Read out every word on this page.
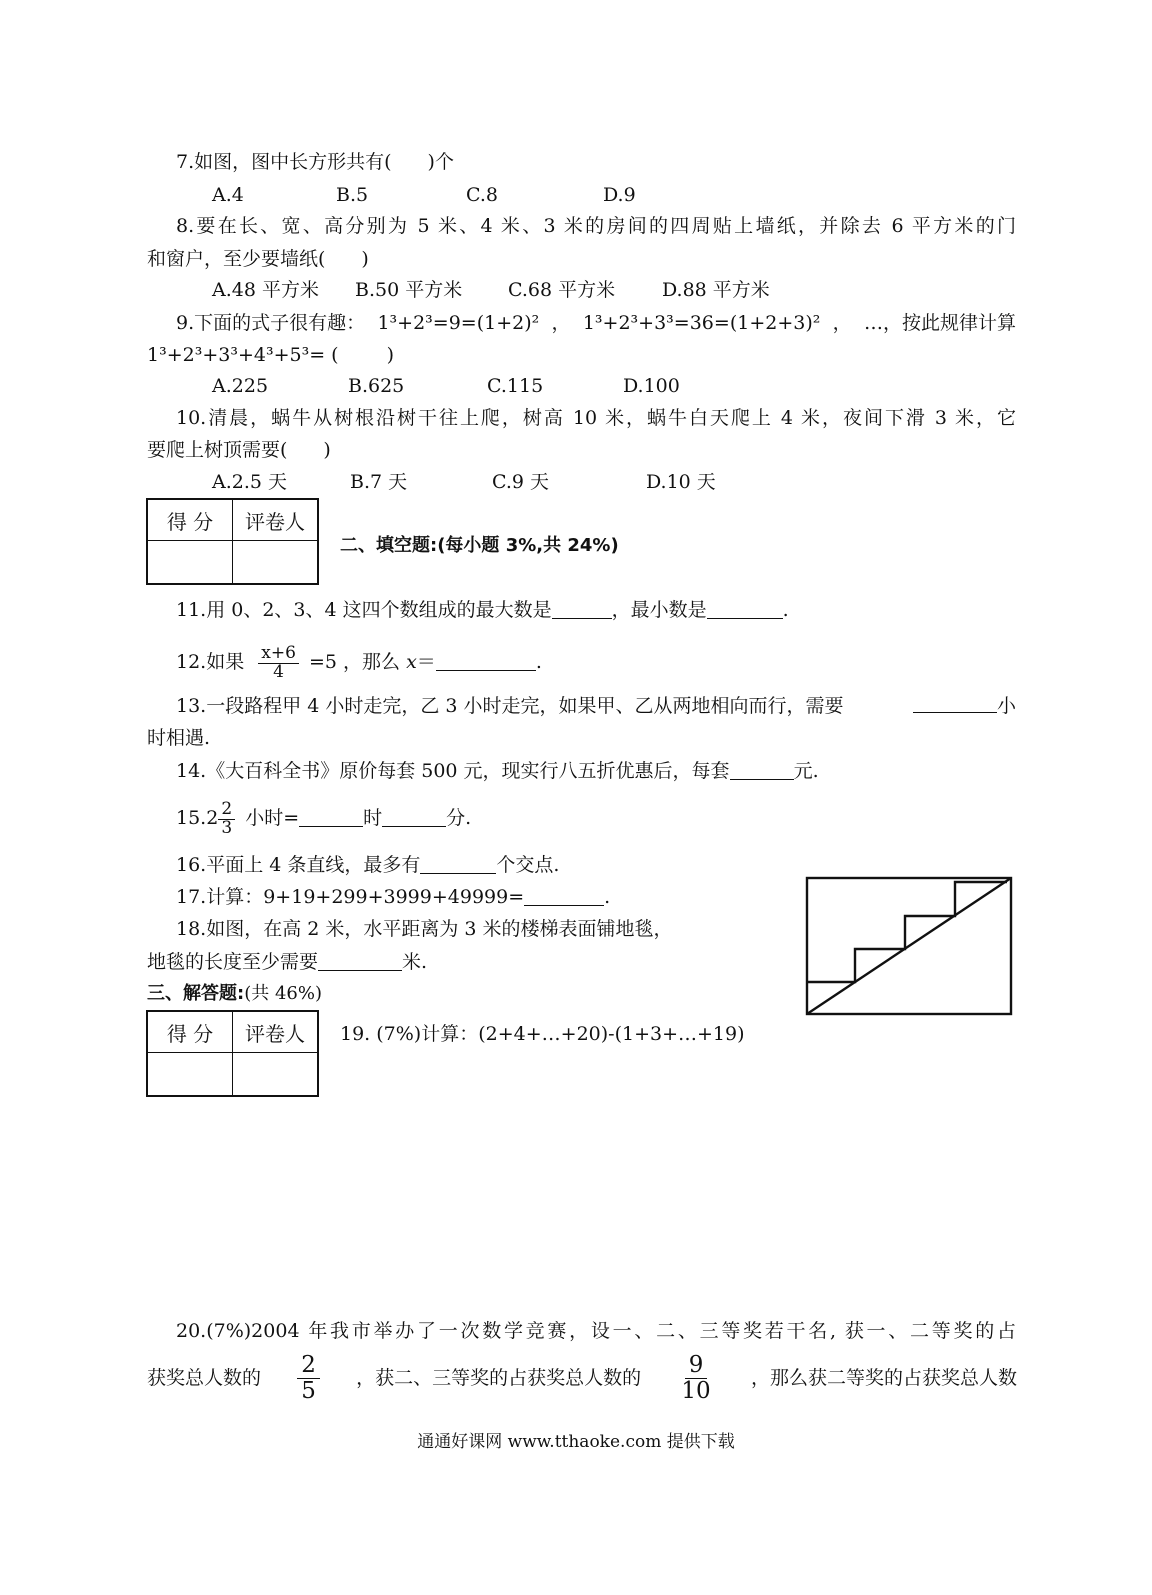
7.如图，图中长方形共有( )个
A.4	B.5	C.8	D.9
8.要在长、宽、高分别为 5 米、4 米、3 米的房间的四周贴上墙纸，并除去 6 平方米的门
和窗户，至少要墙纸( )
A.48 平方米 B.50 平方米 C.68 平方米 D.88 平方米
9.下面的式子很有趣： 1³+2³=9=(1+2)² ， 1³+2³+3³=36=(1+2+3)² ， …，按此规律计算
1³+2³+3³+4³+5³= (	)
A.225	B.625	C.115	D.100
10.清晨，蜗牛从树根沿树干往上爬，树高 10 米，蜗牛白天爬上 4 米，夜间下滑 3 米，它
要爬上树顶需要( )
A.2.5 天	B.7 天	C.9 天	D.10 天
得 分	评卷人

二、填空题:(每小题 3%,共 24%)
11.用 0、2、3、4 这四个数组成的最大数是	，最小数是	.
12.如果 $\frac{x+6}{4} =5$ ，那么 x＝	.
13.一段路程甲 4 小时走完，乙 3 小时走完，如果甲、乙从两地相向而行，需要	小
时相遇.
14.《大百科全书》原价每套 500 元，现实行八五折优惠后，每套	元.
$15.2 \frac{2}{3}$ 小时=	时	分.
16.平面上 4 条直线，最多有	个交点.
17.计算：9+19+299+3999+49999=	.
18.如图，在高 2 米，水平距离为 3 米的楼梯表面铺地毯，
地毯的长度至少需要	米.
三、解答题:(共 46%)
得 分	评卷人
	19. (7%)计算：(2+4+…+20)-(1+3+…+19)
20.(7%)2004 年我市举办了一次数学竞赛，设一、二、三等奖若干名, 获一、二等奖的占
获奖总人数的 $\frac{2}{5}$ ，获二、三等奖的占获奖总人数的 $\frac{9}{10}$ ，那么获二等奖的占获奖总人数
通通好课网 www.tthaoke.com 提供下载
